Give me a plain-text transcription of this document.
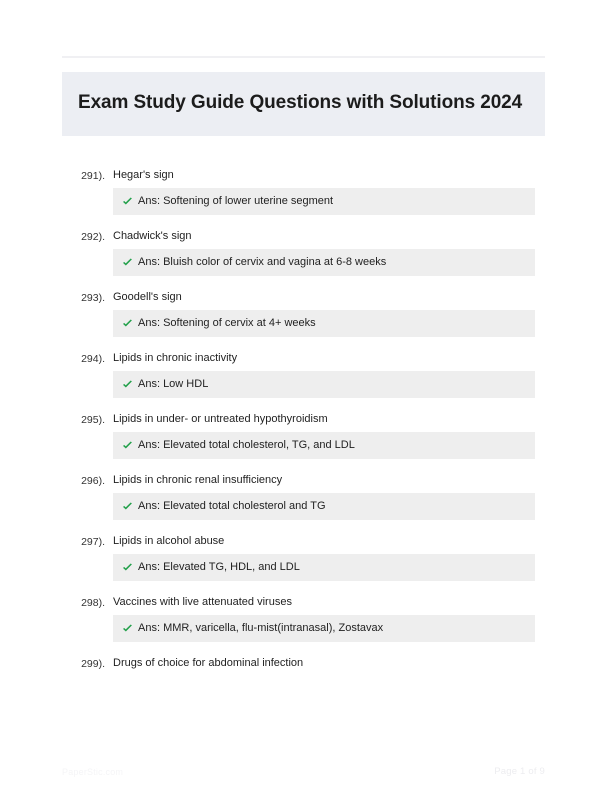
Exam Study Guide Questions with Solutions 2024
291). Hegar's sign
Ans: Softening of lower uterine segment
292). Chadwick's sign
Ans: Bluish color of cervix and vagina at 6-8 weeks
293). Goodell's sign
Ans: Softening of cervix at 4+ weeks
294). Lipids in chronic inactivity
Ans: Low HDL
295). Lipids in under- or untreated hypothyroidism
Ans: Elevated total cholesterol, TG, and LDL
296). Lipids in chronic renal insufficiency
Ans: Elevated total cholesterol and TG
297). Lipids in alcohol abuse
Ans: Elevated TG, HDL, and LDL
298). Vaccines with live attenuated viruses
Ans: MMR, varicella, flu-mist(intranasal), Zostavax
299). Drugs of choice for abdominal infection
PaperStic.com	Page 1 of 9
